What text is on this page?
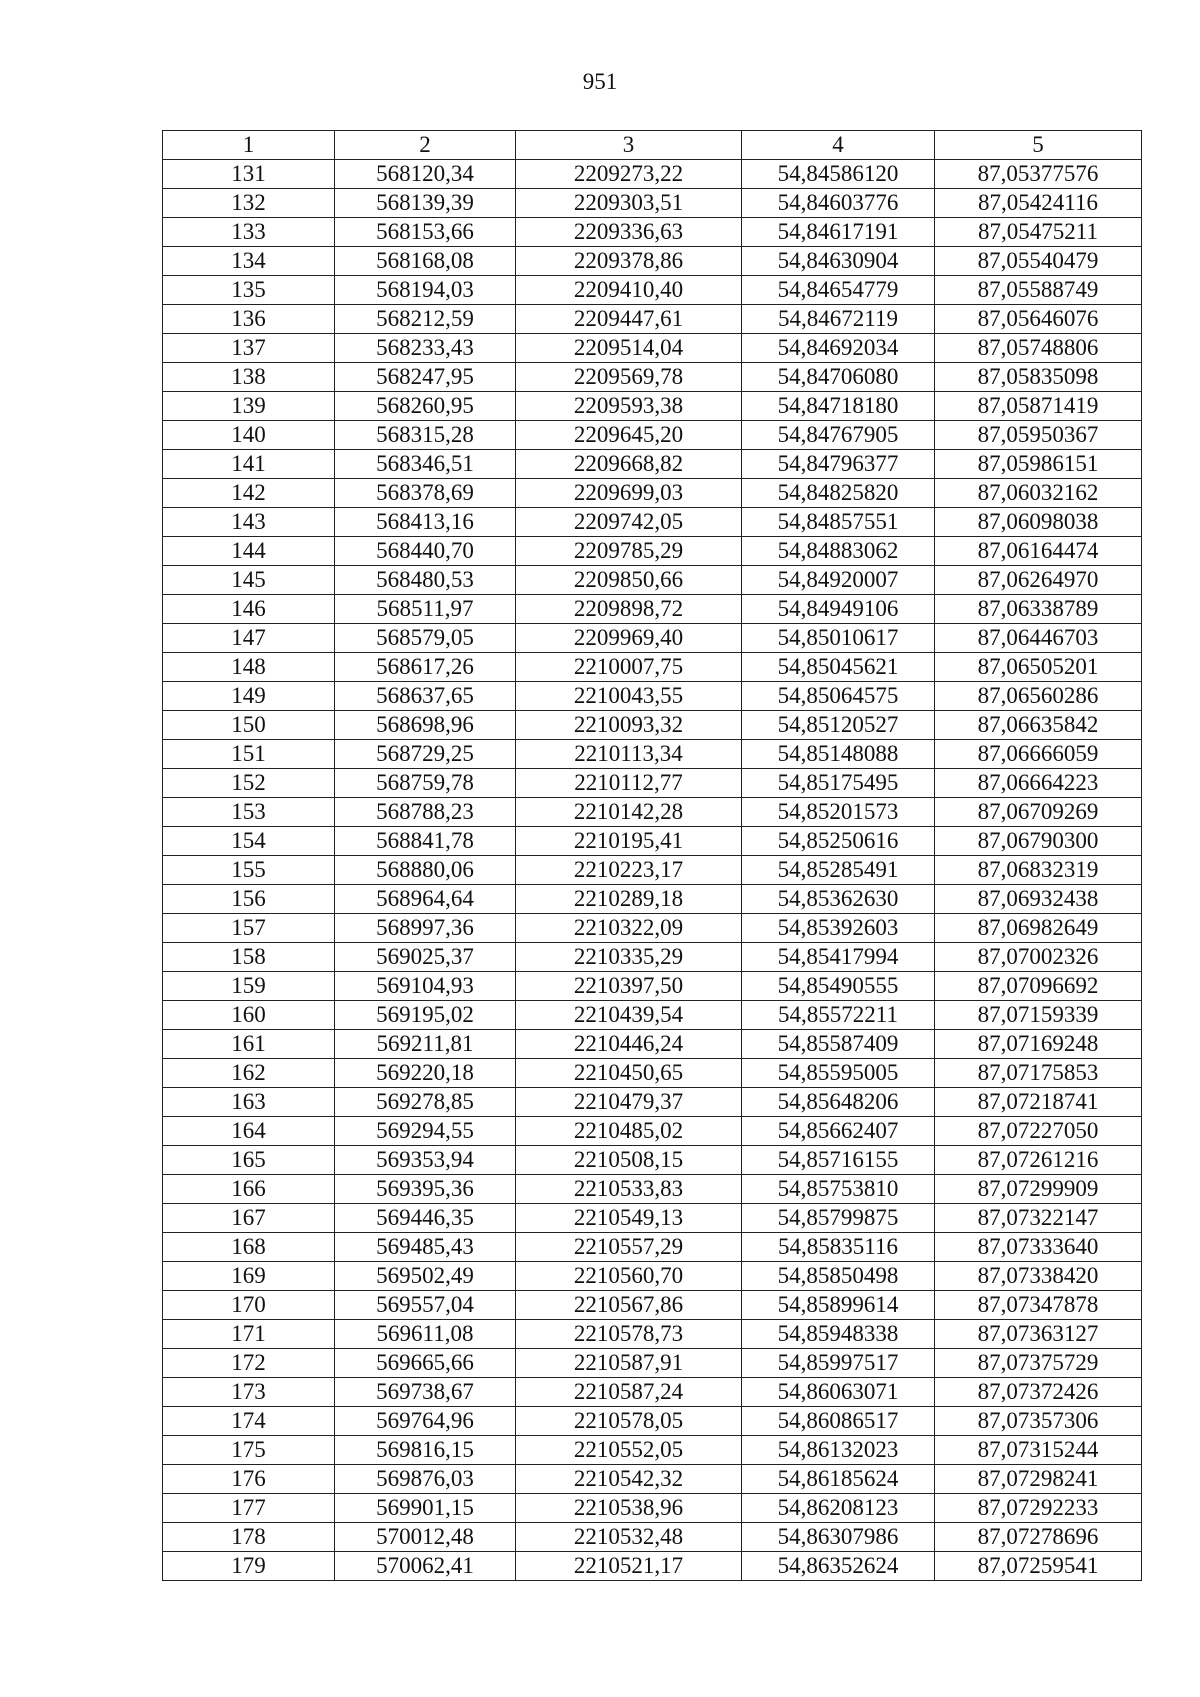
951
1	2	3	4	5
131	568120,34	2209273,22	54,84586120	87,05377576
132	568139,39	2209303,51	54,84603776	87,05424116
133	568153,66	2209336,63	54,84617191	87,05475211
134	568168,08	2209378,86	54,84630904	87,05540479
135	568194,03	2209410,40	54,84654779	87,05588749
136	568212,59	2209447,61	54,84672119	87,05646076
137	568233,43	2209514,04	54,84692034	87,05748806
138	568247,95	2209569,78	54,84706080	87,05835098
139	568260,95	2209593,38	54,84718180	87,05871419
140	568315,28	2209645,20	54,84767905	87,05950367
141	568346,51	2209668,82	54,84796377	87,05986151
142	568378,69	2209699,03	54,84825820	87,06032162
143	568413,16	2209742,05	54,84857551	87,06098038
144	568440,70	2209785,29	54,84883062	87,06164474
145	568480,53	2209850,66	54,84920007	87,06264970
146	568511,97	2209898,72	54,84949106	87,06338789
147	568579,05	2209969,40	54,85010617	87,06446703
148	568617,26	2210007,75	54,85045621	87,06505201
149	568637,65	2210043,55	54,85064575	87,06560286
150	568698,96	2210093,32	54,85120527	87,06635842
151	568729,25	2210113,34	54,85148088	87,06666059
152	568759,78	2210112,77	54,85175495	87,06664223
153	568788,23	2210142,28	54,85201573	87,06709269
154	568841,78	2210195,41	54,85250616	87,06790300
155	568880,06	2210223,17	54,85285491	87,06832319
156	568964,64	2210289,18	54,85362630	87,06932438
157	568997,36	2210322,09	54,85392603	87,06982649
158	569025,37	2210335,29	54,85417994	87,07002326
159	569104,93	2210397,50	54,85490555	87,07096692
160	569195,02	2210439,54	54,85572211	87,07159339
161	569211,81	2210446,24	54,85587409	87,07169248
162	569220,18	2210450,65	54,85595005	87,07175853
163	569278,85	2210479,37	54,85648206	87,07218741
164	569294,55	2210485,02	54,85662407	87,07227050
165	569353,94	2210508,15	54,85716155	87,07261216
166	569395,36	2210533,83	54,85753810	87,07299909
167	569446,35	2210549,13	54,85799875	87,07322147
168	569485,43	2210557,29	54,85835116	87,07333640
169	569502,49	2210560,70	54,85850498	87,07338420
170	569557,04	2210567,86	54,85899614	87,07347878
171	569611,08	2210578,73	54,85948338	87,07363127
172	569665,66	2210587,91	54,85997517	87,07375729
173	569738,67	2210587,24	54,86063071	87,07372426
174	569764,96	2210578,05	54,86086517	87,07357306
175	569816,15	2210552,05	54,86132023	87,07315244
176	569876,03	2210542,32	54,86185624	87,07298241
177	569901,15	2210538,96	54,86208123	87,07292233
178	570012,48	2210532,48	54,86307986	87,07278696
179	570062,41	2210521,17	54,86352624	87,07259541
